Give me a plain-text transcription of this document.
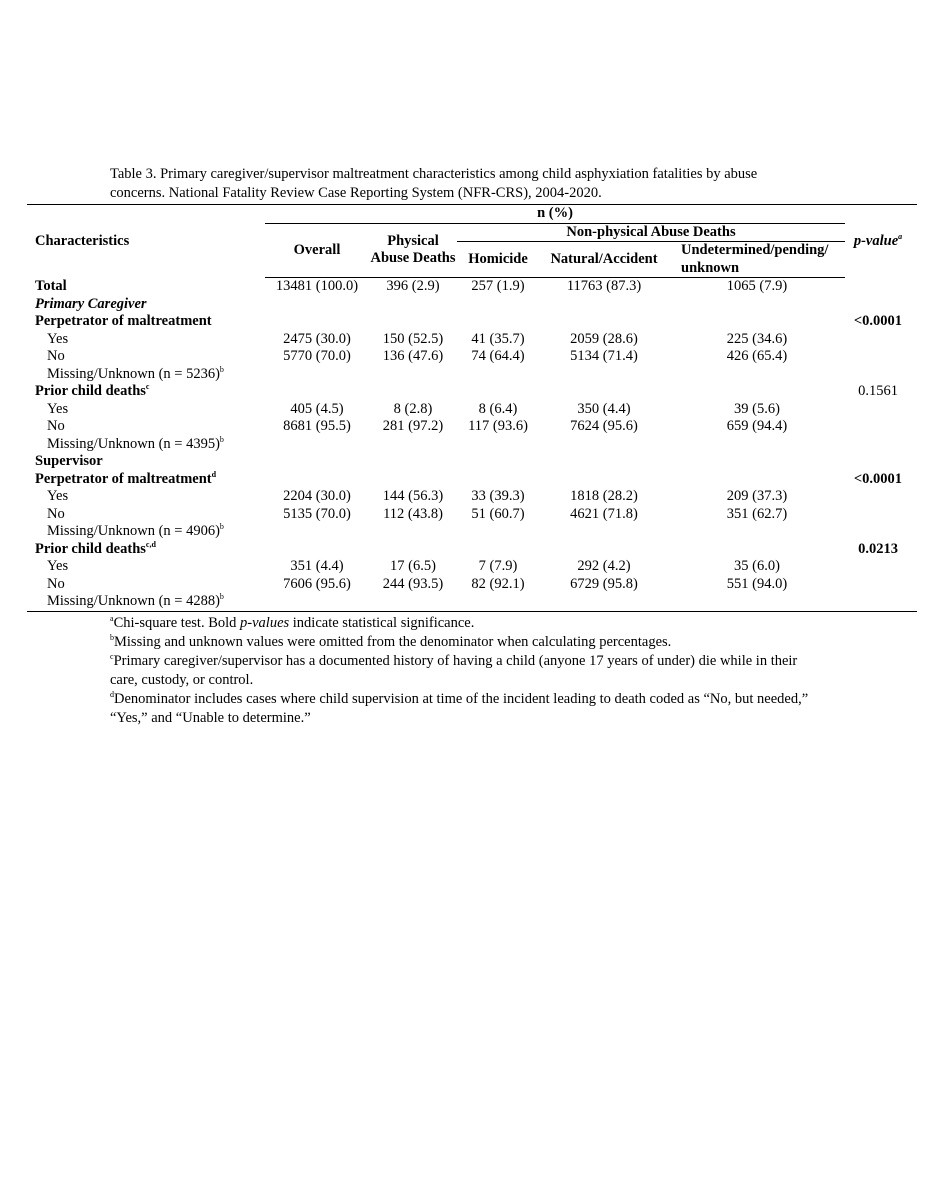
Table 3. Primary caregiver/supervisor maltreatment characteristics among child asphyxiation fatalities by abuse concerns. National Fatality Review Case Reporting System (NFR-CRS), 2004-2020.
Characteristics	n (%)					p-value$^a$
	Overall	Physical Abuse Deaths	Non-physical Abuse Deaths			
			Homicide	Natural/Accident	Undetermined/pending/
unknown	
Total	13481 (100.0)	396 (2.9)	257 (1.9)	11763 (87.3)	1065 (7.9)	
Primary Caregiver						
Perpetrator of maltreatment						<0.0001
Yes	2475 (30.0)	150 (52.5)	41 (35.7)	2059 (28.6)	225 (34.6)	
No	5770 (70.0)	136 (47.6)	74 (64.4)	5134 (71.4)	426 (65.4)	
Missing/Unknown (n = 5236)$^b$						
Prior child deaths$^c$						0.1561
Yes	405 (4.5)	8 (2.8)	8 (6.4)	350 (4.4)	39 (5.6)	
No	8681 (95.5)	281 (97.2)	117 (93.6)	7624 (95.6)	659 (94.4)	
Missing/Unknown (n = 4395)$^b$						
Supervisor						
Perpetrator of maltreatment$^d$						<0.0001
Yes	2204 (30.0)	144 (56.3)	33 (39.3)	1818 (28.2)	209 (37.3)	
No	5135 (70.0)	112 (43.8)	51 (60.7)	4621 (71.8)	351 (62.7)	
Missing/Unknown (n = 4906)$^b$						
Prior child deaths$^{c,d}$						0.0213
Yes	351 (4.4)	17 (6.5)	7 (7.9)	292 (4.2)	35 (6.0)	
No	7606 (95.6)	244 (93.5)	82 (92.1)	6729 (95.8)	551 (94.0)	
Missing/Unknown (n = 4288)$^b$						

$^a$Chi-square test. Bold p-values indicate statistical significance.

$^b$Missing and unknown values were omitted from the denominator when calculating percentages.

$^c$Primary caregiver/supervisor has a documented history of having a child (anyone 17 years of under) die while in their care, custody, or control.

$^d$Denominator includes cases where child supervision at time of the incident leading to death coded as “No, but needed,” “Yes,” and “Unable to determine.”
